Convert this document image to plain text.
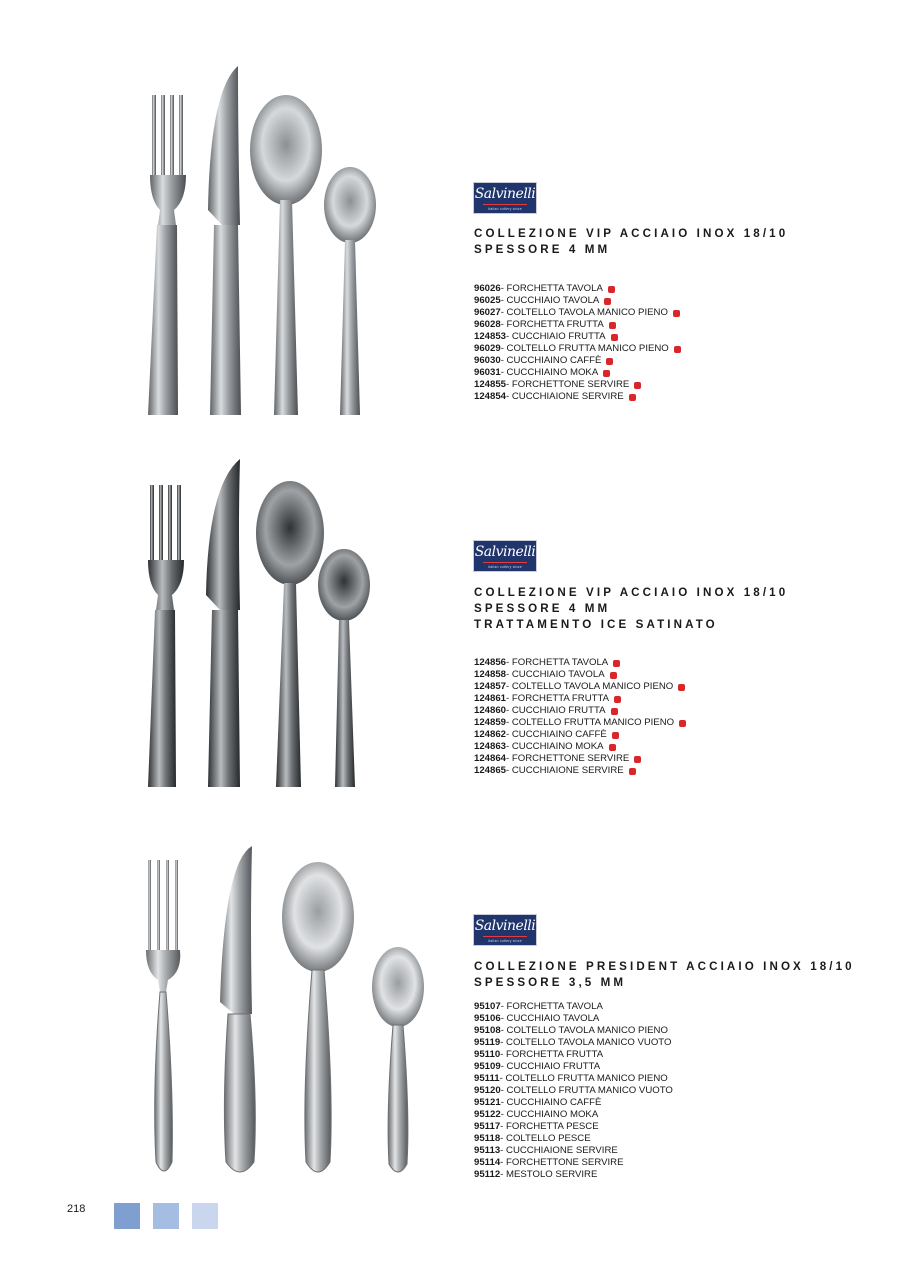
Salvinelli
italian cutlery since
COLLEZIONE VIP ACCIAIO INOX 18/10
SPESSORE 4 MM
96026 - FORCHETTA TAVOLA
96025 - CUCCHIAIO TAVOLA
96027 - COLTELLO TAVOLA MANICO PIENO
96028 - FORCHETTA FRUTTA
124853 - CUCCHIAIO FRUTTA
96029 - COLTELLO FRUTTA MANICO PIENO
96030 - CUCCHIAINO CAFFÈ
96031 - CUCCHIAINO MOKA
124855 - FORCHETTONE SERVIRE
124854 - CUCCHIAIONE SERVIRE
Salvinelli
italian cutlery since
COLLEZIONE VIP ACCIAIO INOX 18/10
SPESSORE 4 MM
TRATTAMENTO ICE SATINATO
124856 - FORCHETTA TAVOLA
124858 - CUCCHIAIO TAVOLA
124857 - COLTELLO TAVOLA MANICO PIENO
124861 - FORCHETTA FRUTTA
124860 - CUCCHIAIO FRUTTA
124859 - COLTELLO FRUTTA MANICO PIENO
124862 - CUCCHIAINO CAFFÈ
124863 - CUCCHIAINO MOKA
124864 - FORCHETTONE SERVIRE
124865 - CUCCHIAIONE SERVIRE
Salvinelli
italian cutlery since
COLLEZIONE PRESIDENT ACCIAIO INOX 18/10
SPESSORE 3,5 MM
95107 - FORCHETTA TAVOLA
95106 - CUCCHIAIO TAVOLA
95108 - COLTELLO TAVOLA MANICO PIENO
95119 - COLTELLO TAVOLA MANICO VUOTO
95110 - FORCHETTA FRUTTA
95109 - CUCCHIAIO FRUTTA
95111 - COLTELLO FRUTTA MANICO PIENO
95120 - COLTELLO FRUTTA MANICO VUOTO
95121 - CUCCHIAINO CAFFÈ
95122 - CUCCHIAINO MOKA
95117 - FORCHETTA PESCE
95118 - COLTELLO PESCE
95113 - CUCCHIAIONE SERVIRE
95114 - FORCHETTONE SERVIRE
95112 - MESTOLO SERVIRE
218
